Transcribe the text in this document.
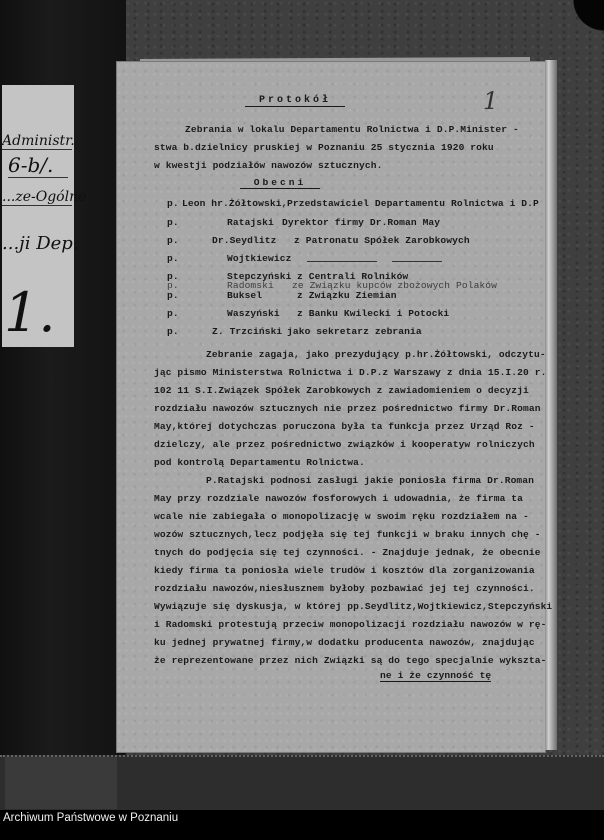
Administr.
6-b/.
...ze-Ogólne
...ji Dep.
1.
Protokół	1
Zebrania w lokalu Departamentu Rolnictwa i D.P.Minister -
stwa b.dzielnicy pruskiej w Poznaniu 25 stycznia 1920 roku
w kwestji podziałów nawozów sztucznych.
Obecni
p. Leon hr.Żółtowski, Przedstawiciel Departamentu Rolnictwa i D.P
p.	Ratajski Dyrektor firmy Dr.Roman May
p.	Dr.Seydlitz z Patronatu Spółek Zarobkowych
p.	Wojtkiewicz
p.	Stepczyński z Centrali Rolników
p.	Radomski ze Związku kupców zbożowych Polaków
p.	Buksel	z Związku Ziemian
p.	Waszyński z Banku Kwilecki i Potocki
p.	Z. Trzciński jako sekretarz zebrania
Zebranie zagaja, jako prezydujący p.hr.Żółtowski, odczytu-
jąc pismo Ministerstwa Rolnictwa i D.P.z Warszawy z dnia 15.I.20 r.
102 11 S.I.Związek Spółek Zarobkowych z zawiadomieniem o decyzji
rozdziału nawozów sztucznych nie przez pośrednictwo firmy Dr.Roman
May,której dotychczas poruczona była ta funkcja przez Urząd Roz -
dzielczy, ale przez pośrednictwo związków i kooperatyw rolniczych
pod kontrolą Departamentu Rolnictwa.
P.Ratajski podnosi zasługi jakie poniosła firma Dr.Roman
May przy rozdziale nawozów fosforowych i udowadnia, że firma ta
wcale nie zabiegała o monopolizację w swoim ręku rozdziałem na -
wozów sztucznych,lecz podjęła się tej funkcji w braku innych chę -
tnych do podjęcia się tej czynności. - Znajduje jednak, że obecnie
kiedy firma ta poniosła wiele trudów i kosztów dla zorganizowania
rozdziału nawozów,niesłusznem byłoby pozbawiać jej tej czynności.
Wywiązuje się dyskusja, w której pp.Seydlitz,Wojtkiewicz,Stepczyński
i Radomski protestują przeciw monopolizacji rozdziału nawozów w rę-
ku jednej prywatnej firmy,w dodatku producenta nawozów, znajdując
że reprezentowane przez nich Związki są do tego specjalnie wykszta-
ne i że czynność tę
Archiwum Państwowe w Poznaniu
